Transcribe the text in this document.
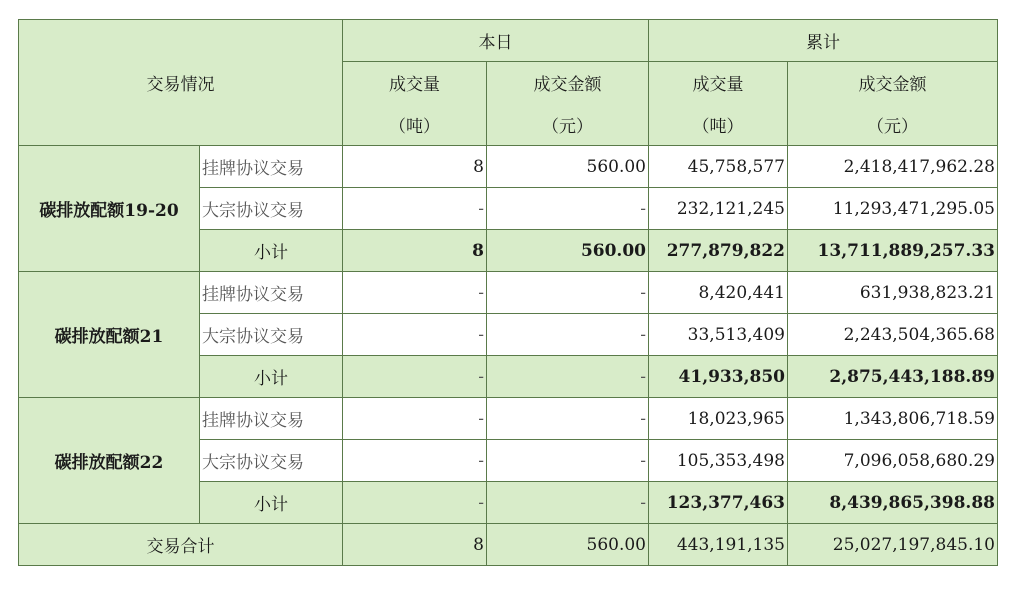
交易情况		本日		累计	
		成交量	成交金额	成交量	成交金额
		（吨）	（元）	（吨）	（元）
碳排放配额19-20	挂牌协议交易	8	560.00	45,758,577	2,418,417,962.28
	大宗协议交易	-	-	232,121,245	11,293,471,295.05
	小计	8	560.00	277,879,822	13,711,889,257.33
碳排放配额21	挂牌协议交易	-	-	8,420,441	631,938,823.21
	大宗协议交易	-	-	33,513,409	2,243,504,365.68
	小计	-	-	41,933,850	2,875,443,188.89
碳排放配额22	挂牌协议交易	-	-	18,023,965	1,343,806,718.59
	大宗协议交易	-	-	105,353,498	7,096,058,680.29
	小计	-	-	123,377,463	8,439,865,398.88
交易合计		8	560.00	443,191,135	25,027,197,845.10
